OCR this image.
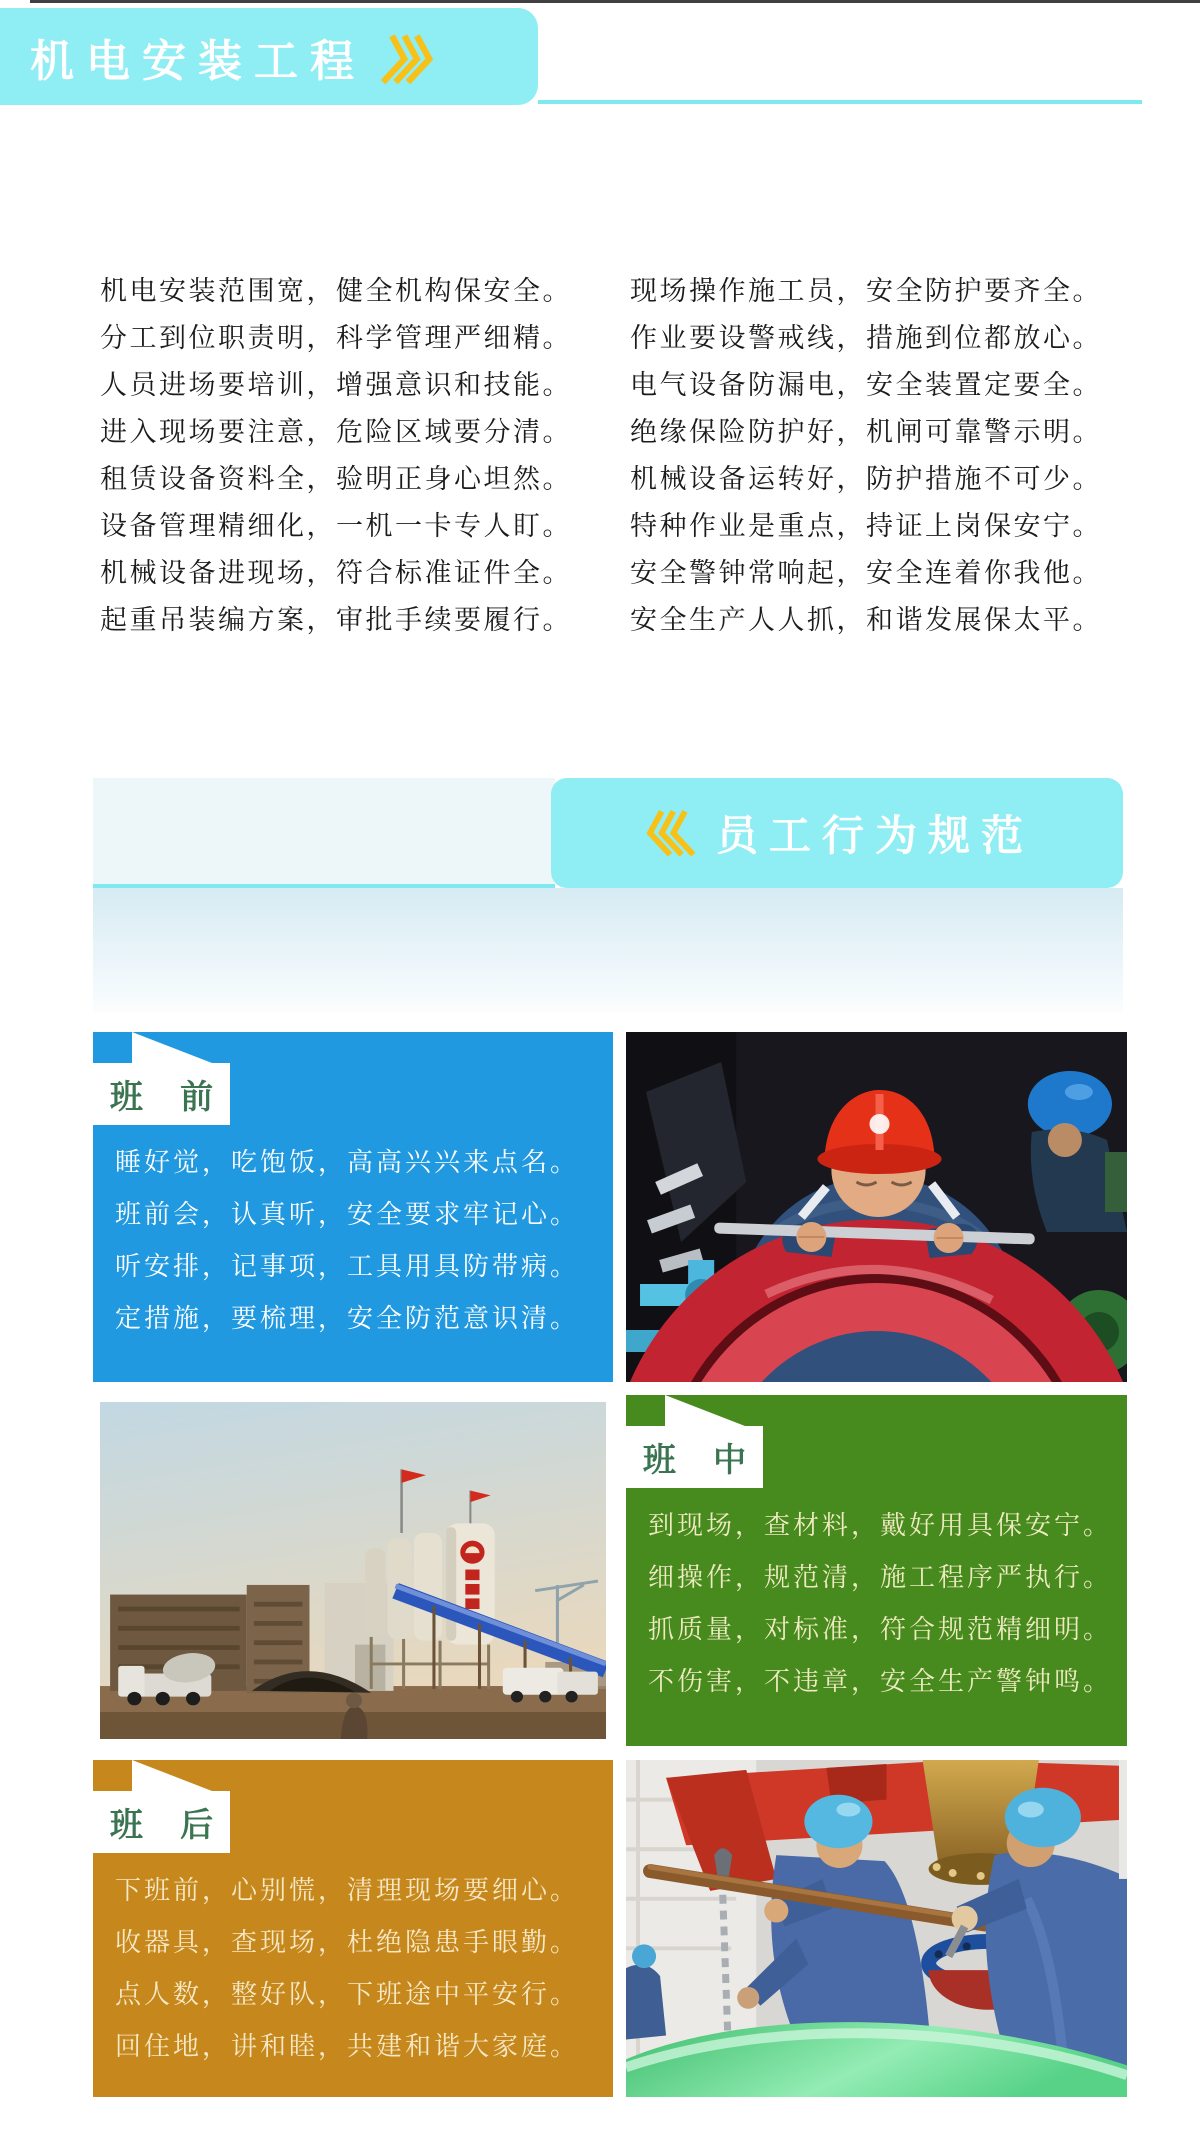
机电安装工程
机电安装范围宽，健全机构保安全。
分工到位职责明，科学管理严细精。
人员进场要培训，增强意识和技能。
进入现场要注意，危险区域要分清。
租赁设备资料全，验明正身心坦然。
设备管理精细化，一机一卡专人盯。
机械设备进现场，符合标准证件全。
起重吊装编方案，审批手续要履行。
现场操作施工员，安全防护要齐全。
作业要设警戒线，措施到位都放心。
电气设备防漏电，安全装置定要全。
绝缘保险防护好，机闸可靠警示明。
机械设备运转好，防护措施不可少。
特种作业是重点，持证上岗保安宁。
安全警钟常响起，安全连着你我他。
安全生产人人抓，和谐发展保太平。
员工行为规范
班 前
睡好觉，吃饱饭，高高兴兴来点名。
班前会，认真听，安全要求牢记心。
听安排，记事项，工具用具防带病。
定措施，要梳理，安全防范意识清。
班 中
到现场，查材料，戴好用具保安宁。
细操作，规范清，施工程序严执行。
抓质量，对标准，符合规范精细明。
不伤害，不违章，安全生产警钟鸣。
班 后
下班前，心别慌，清理现场要细心。
收器具，查现场，杜绝隐患手眼勤。
点人数，整好队，下班途中平安行。
回住地，讲和睦，共建和谐大家庭。
